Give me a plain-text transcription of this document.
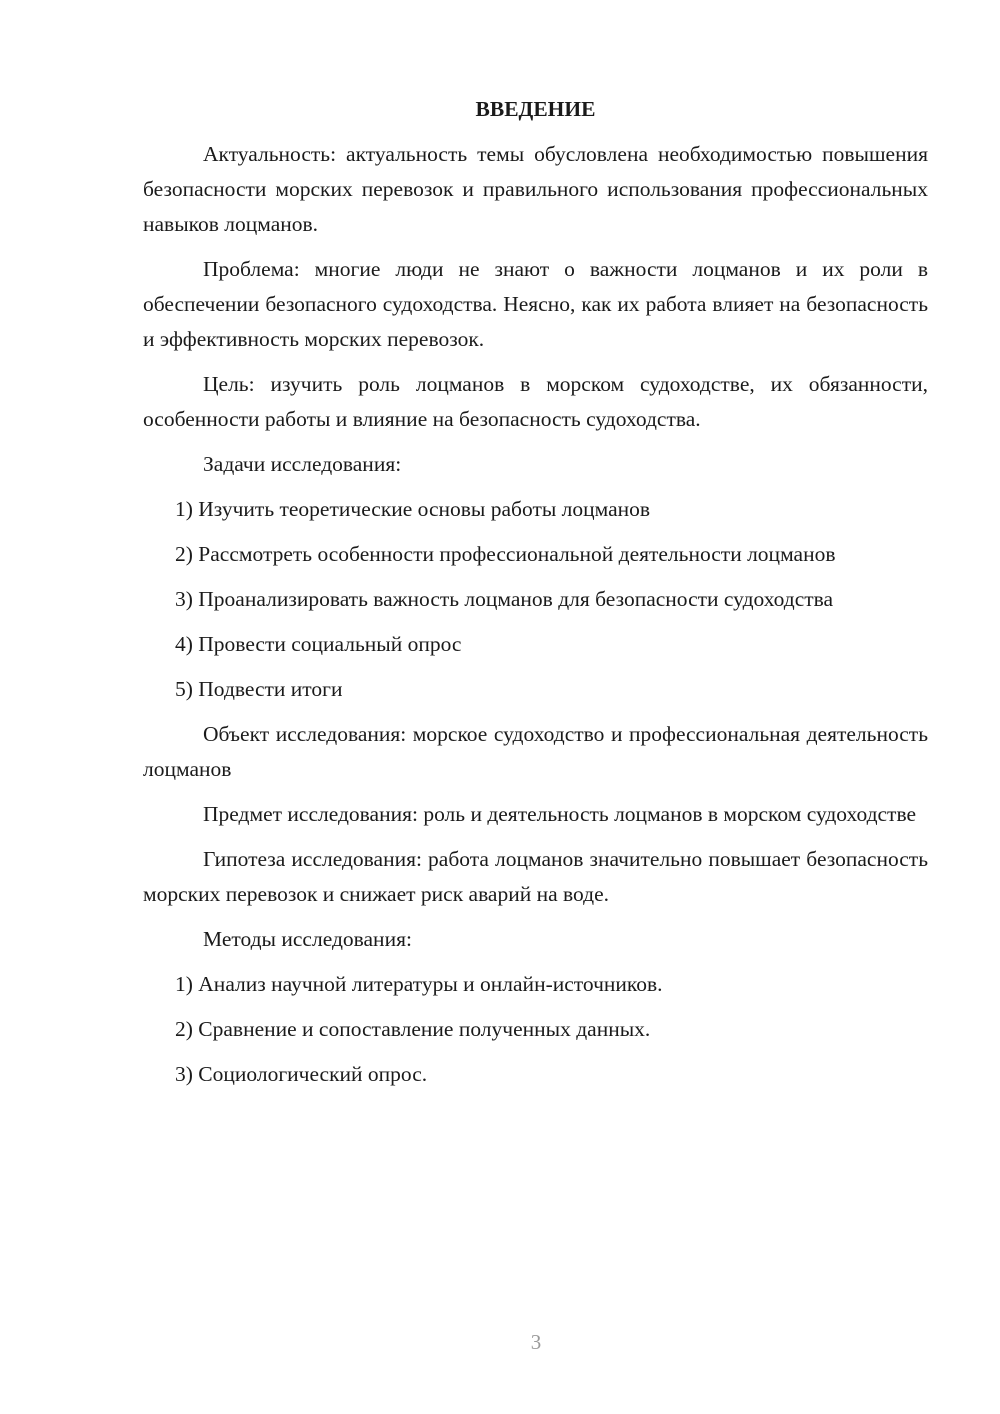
ВВЕДЕНИЕ

Актуальность: актуальность темы обусловлена необходимостью повышения безопасности морских перевозок и правильного использования профессиональных навыков лоцманов.

Проблема: многие люди не знают о важности лоцманов и их роли в обеспечении безопасного судоходства. Неясно, как их работа влияет на безопасность и эффективность морских перевозок.

Цель: изучить роль лоцманов в морском судоходстве, их обязанности, особенности работы и влияние на безопасность судоходства.

Задачи исследования:

1) Изучить теоретические основы работы лоцманов

2) Рассмотреть особенности профессиональной деятельности лоцманов

3) Проанализировать важность лоцманов для безопасности судоходства

4) Провести социальный опрос

5) Подвести итоги

Объект исследования: морское судоходство и профессиональная деятельность лоцманов

Предмет исследования: роль и деятельность лоцманов в морском судоходстве

Гипотеза исследования: работа лоцманов значительно повышает безопасность морских перевозок и снижает риск аварий на воде.

Методы исследования:

1) Анализ научной литературы и онлайн-источников.

2) Сравнение и сопоставление полученных данных.

3) Социологический опрос.

3
